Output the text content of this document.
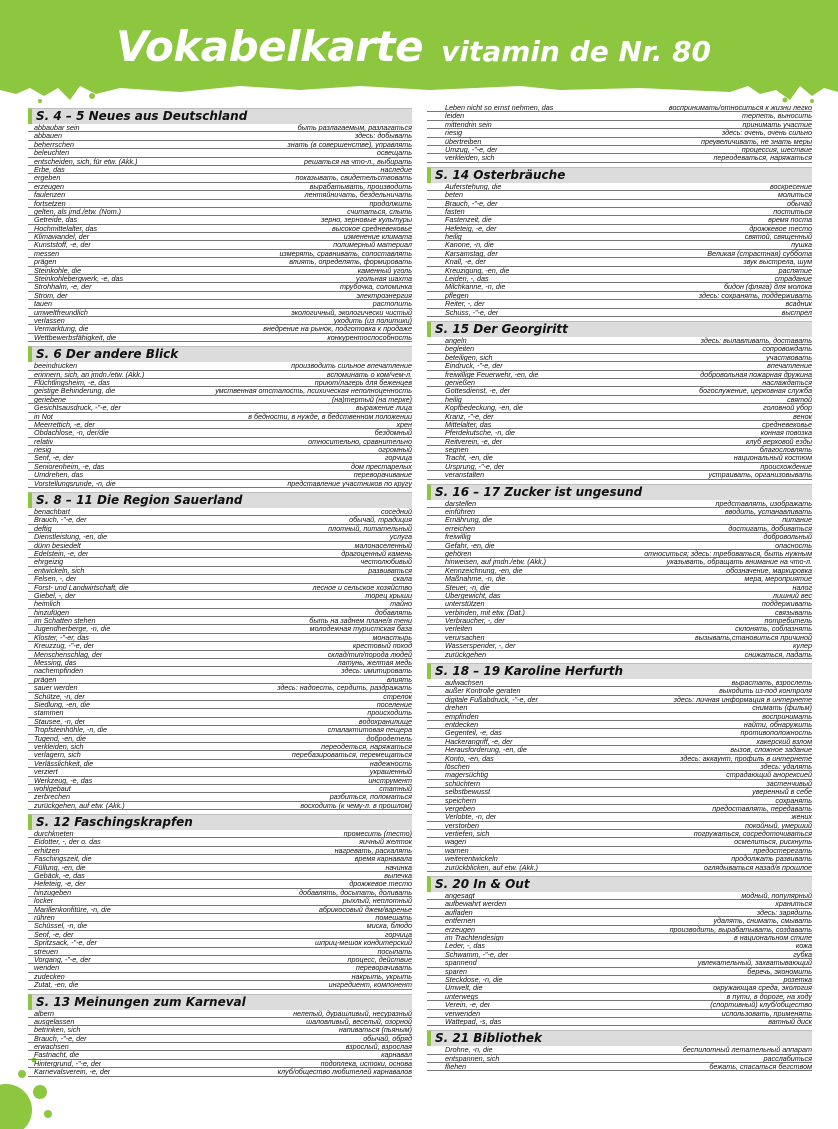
Vokabelkarte vitamin de Nr. 80
S. 4 – 5 Neues aus Deutschland
abbaubar sein	быть разлагаемым, разлагаться
abbauen	здесь: добывать
beherrschen	знать (в совершенстве), управлять
beleuchten	освещать
entscheiden, sich, für etw. (Akk.)	решаться на что-л., выбирать
Erbe, das	наследие
ergeben	показывать, свидетельствовать
erzeugen	вырабатывать, производить
faulenzen	лентяйничать, бездельничать
fortsetzen	продолжить
gelten, als jmd./etw. (Nom.)	считаться, слыть
Getreide, das	зерно, зерновые культуры
Hochmittelalter, das	высокое средневековье
Klimawandel, der	изменение климата
Kunststoff, -e, der	полимерный материал
messen	измерять, сравнивать, сопоставлять
prägen	влиять, определять, формировать
Steinkohle, die	каменный уголь
Steinkohlebergwerk, -e, das	угольная шахта
Strohhalm, -e, der	трубочка, соломинка
Strom, der	электроэнергия
tauen	растопить
umweltfreundlich	экологичный, экологически чистый
verlassen	уходить (из политики)
Vermarktung, die	внедрение на рынок, подготовка к продаже
Wettbewerbsfähigkeit, die	конкурентоспособность
S. 6 Der andere Blick
beeindrucken	производить сильное впечатление
erinnern, sich, an jmdn./etw. (Akk.)	вспоминать о ком/чем-л.
Flüchtlingsheim, -e, das	приют/лагерь для беженцев
geistige Behinderung, die	умственная отсталость, психическая неполноценность
geriebene	(на)тертый (на терке)
Gesichtsausdruck, -"-e, der	выражение лица
in Not	в бедности, в нужде, в бедственном положении
Meerrettich, -e, der	хрен
Obdachlose, -n, der/die	бездомный
relativ	относительно, сравнительно
riesig	огромный
Senf, -e, der	горчица
Seniorenheim, -e, das	дом престарелых
Umdrehen, das	переворачивание
Vorstellungsrunde, -n, die	представление участников по кругу
S. 8 – 11 Die Region Sauerland
benachbart	соседний
Brauch, -"-e, der	обычай, традиция
deftig	плотный, питательный
Dienstleistung, -en, die	услуга
dünn besiedelt	малонаселенный
Edelstein, -e, der	драгоценный камень
ehrgeizig	честолюбивый
entwickeln, sich	развиваться
Felsen, -, der	скала
Forst- und Landwirtschaft, die	лесное и сельское хозяйство
Giebel, -, der	торец крыши
heimlich	тайно
hinzufügen	добавлять
im Schatten stehen	быть на заднем плане/в тени
Jugendherberge, -n, die	молодежная туристская база
Kloster, -"-er, das	монастырь
Kreuzzug, -"-e, der	крестовый поход
Menschenschlag, der	склад/тип/порода людей
Messing, das	латунь, желтая медь
nachempfinden	здесь: имитировать
prägen	влиять
sauer werden	здесь: надоесть, сердить, раздражать
Schütze, -n, der	стрелок
Siedlung, -en, die	поселение
stammen	происходить
Stausee, -n, der	водохранилище
Tropfsteinhöhle, -n, die	сталактитовая пещера
Tugend, -en, die	добродетель
verkleiden, sich	переодеться, наряжаться
verlagern, sich	перебазироваться, перемещаться
Verlässlichkeit, die	надежность
verziert	украшенный
Werkzeug, -e, das	инструмент
wohlgebaut	статный
zerbrechen	разбиться, поломаться
zurückgehen, auf etw. (Akk.)	восходить (к чему-л. в прошлом)
S. 12 Faschingskrapfen
durchkneten	промесить (тесто)
Eidotter, -, der o. das	яичный желток
erhitzen	нагревать, раскалять
Faschingszeit, die	время карнавала
Füllung, -en, die	начинка
Gebäck, -e, das	выпечка
Hefeteig, -e, der	дрожжевое тесто
hinzugeben	добавлять, досыпать, доливать
locker	рыхлый, неплотный
Marillenkonfitüre, -n, die	абрикосовый джем/варенье
rühren	помешать
Schüssel, -n, die	миска, блюдо
Senf, -e, der	горчица
Spritzsack, -"-e, der	шприц-мешок кондитерский
streuen	посыпать
Vorgang, -"-e, der	процесс, действие
wenden	переворачивать
zudecken	накрыть, укрыть
Zutat, -en, die	ингредиент, компонент
S. 13 Meinungen zum Karneval
albern	нелепый, дурашливый, несуразный
ausgelassen	шаловливый, веселый, озорной
betrinken, sich	напиваться (пьяным)
Brauch, -"-e, der	обычай, обряд
erwachsen	взрослый, взрослая
Fastnacht, die	карнавал
Hintergrund, -"-e, der	подоплека, истоки, основа
Karnevalsverein, -e, der	клуб/общество любителей карнавалов
Leben nicht so ernst nehmen, das	воспринимать/относиться к жизни легко
leiden	терпеть, выносить
mittendrin sein	принимать участие
riesig	здесь: очень, очень сильно
übertreiben	преувеличивать, не знать меры
Umzug, -"-e, der	процессия, шествие
verkleiden, sich	переодеваться, наряжаться
S. 14 Osterbräuche
Auferstehung, die	воскресение
beten	молиться
Brauch, -"-e, der	обычай
fasten	поститься
Fastenzeit, die	время поста
Hefeteig, -e, der	дрожжевое тесто
heilig	святой, священный
Kanone, -n, die	пушка
Karsamstag, der	Великая (страстная) суббота
Knall, -e, der	звук выстрела, шум
Kreuzigung, -en, die	распятие
Leiden, -, das	страдание
Milchkanne, -n, die	бидон (фляга) для молока
pflegen	здесь: сохранять, поддерживать
Reiter, -, der	всадник
Schuss, -"-e, der	выстрел
S. 15 Der Georgiritt
angeln	здесь: вылавливать, доставать
begleiten	сопровождать
beteiligen, sich	участвовать
Eindruck, -"-e, der	впечатление
freiwillige Feuerwehr, -en, die	добровольная пожарная дружина
genießen	наслаждаться
Gottesdienst, -e, der	богослужение, церковная служба
heilig	святой
Kopfbedeckung, -en, die	головной убор
Kranz, -"-e, der	венок
Mittelalter, das	средневековье
Pferdekutsche, -n, die	конная повозка
Reitverein, -e, der	клуб верховой езды
segnen	благословлять
Tracht, -en, die	национальный костюм
Ursprung, -"-e, der	происхождение
veranstalten	устраивать, организовывать
S. 16 – 17 Zucker ist ungesund
darstellen	представлять, изображать
einführen	вводить, устанавливать
Ernährung, die	питание
erreichen	достигать, добиваться
freiwillig	добровольный
Gefahr, -en, die	опасность
gehören	относиться; здесь: требоваться, быть нужным
hinweisen, auf jmdn./etw. (Akk.)	указывать, обращать внимание на что-л.
Kennzeichnung, -en, die	обозначение, маркировка
Maßnahme, -n, die	мера, мероприятие
Steuer, -n, die	налог
Übergewicht, das	лишний вес
unterstützen	поддерживать
verbinden, mit etw. (Dat.)	связывать
Verbraucher, -, der	потребитель
verleiten	склонять, соблазнять
verursachen	вызывать,становиться причиной
Wasserspender, -, der	кулер
zurückgehen	снижаться, падать
S. 18 – 19 Karoline Herfurth
aufwachsen	вырастать, взрослеть
außer Kontrolle geraten	выходить из-под контроля
digitale Fußabdruck, -"-e, der	здесь: личная информация в интернете
drehen	снимать (фильм)
empfinden	воспринимать
entdecken	найти, обнаружить
Gegenteil, -e, das	противоположность
Hackerangriff, -e, der	хакерский взлом
Herausforderung, -en, die	вызов, сложное задание
Konto, -en, das	здесь: аккаунт, профиль в интернете
löschen	здесь: удалять
magersüchtig	страдающий анорексией
schüchtern	застенчивый
selbstbewusst	уверенный в себе
speichern	сохранять
vergeben	предоставлять, передавать
Verlobte, -n, der	жених
verstorben	покойный, умерший
vertiefen, sich	погружаться, сосредоточиваться
wagen	осмелиться, рискнуть
warnen	предостерегать
weiterentwickeln	продолжать развивать
zurückblicken, auf etw. (Akk.)	оглядываться назад/в прошлое
S. 20 In & Out
angesagt	модный, популярный
aufbewahrt werden	храниться
aufladen	здесь: зарядить
entfernen	удалять, снимать, смывать
erzeugen	производить, вырабатывать, создавать
im Trachtendesign	в национальном стиле
Leder, -, das	кожа
Schwamm, -"-e, der	губка
spannend	увлекательный, захватывающий
sparen	беречь, экономить
Steckdose, -n, die	розетка
Umwelt, die	окружающая среда, экология
unterwegs	в пути, в дороге, на ходу
Verein, -e, der	(спортивный) клуб/общество
verwenden	использовать, применять
Wattepad, -s, das	ватный диск
S. 21 Bibliothek
Drohne, -n, die	беспилотный летательный аппарат
entspannen, sich	расслабиться
fliehen	бежать, спасаться бегством
